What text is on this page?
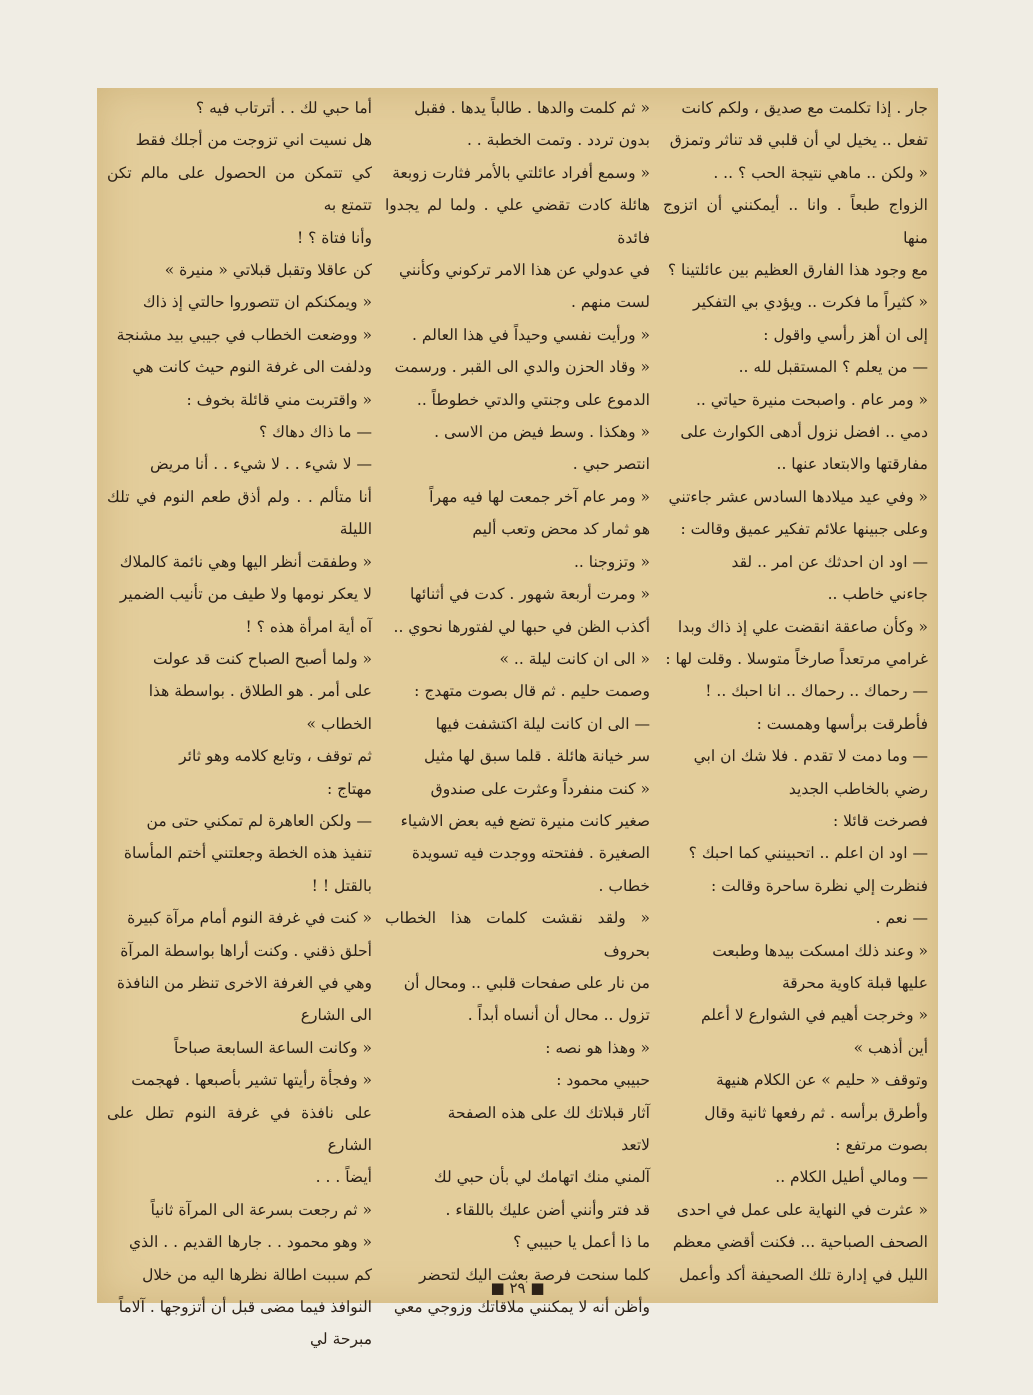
جار . إذا تكلمت مع صديق ، ولكم كانت

تفعل .. يخيل لي أن قلبي قد تناثر وتمزق

« ولكن .. ماهي نتيجة الحب ؟ .. .

الزواج طبعاً . وانا .. أيمكنني أن اتزوج منها

مع وجود هذا الفارق العظيم بين عائلتينا ؟

« كثيراً ما فكرت .. ويؤدي بي التفكير

إلى ان أهز رأسي واقول :

— من يعلم ؟ المستقبل لله ..

« ومر عام . واصبحت منيرة حياتي ..

دمي .. افضل نزول أدهى الكوارث على

مفارقتها والابتعاد عنها ..

« وفي عيد ميلادها السادس عشر جاءتني

وعلى جبينها علائم تفكير عميق وقالت :

— اود ان احدثك عن امر .. لقد

جاءني خاطب ..

« وكأن صاعقة انقضت علي إذ ذاك وبدا

غرامي مرتعداً صارخاً متوسلا . وقلت لها :

— رحماك .. رحماك .. انا احبك .. !

فأطرقت برأسها وهمست :

— وما دمت لا تقدم . فلا شك ان ابي

رضي بالخاطب الجديد

فصرخت قائلا :

— اود ان اعلم .. اتحبينني كما احبك ؟

فنظرت إلي نظرة ساحرة وقالت :

— نعم .

« وعند ذلك امسكت بيدها وطبعت

عليها قبلة كاوية محرقة

« وخرجت أهيم في الشوارع لا أعلم

أين أذهب »

وتوقف « حليم » عن الكلام هنيهة

وأطرق برأسه . ثم رفعها ثانية وقال

بصوت مرتفع :

— ومالي أطيل الكلام ..

« عثرت في النهاية على عمل في احدى

الصحف الصباحية ... فكنت أقضي معظم

الليل في إدارة تلك الصحيفة أكد وأعمل

« ثم كلمت والدها . طالباً يدها . فقبل

بدون تردد . وتمت الخطبة . .

« وسمع أفراد عائلتي بالأمر فثارت زوبعة

هائلة كادت تقضي علي . ولما لم يجدوا فائدة

في عدولي عن هذا الامر تركوني وكأنني

لست منهم .

« ورأيت نفسي وحيداً في هذا العالم .

« وقاد الحزن والدي الى القبر . ورسمت

الدموع على وجنتي والدتي خطوطاً ..

« وهكذا . وسط فيض من الاسى .

انتصر حبي .

« ومر عام آخر جمعت لها فيه مهراً

هو ثمار كد محض وتعب أليم

« وتزوجنا ..

« ومرت أربعة شهور . كدت في أثنائها

أكذب الظن في حبها لي لفتورها نحوي ..

« الى ان كانت ليلة .. »

وصمت حليم . ثم قال بصوت متهدج :

— الى ان كانت ليلة اكتشفت فيها

سر خيانة هائلة . قلما سبق لها مثيل

« كنت منفرداً وعثرت على صندوق

صغير كانت منيرة تضع فيه بعض الاشياء

الصغيرة . ففتحته ووجدت فيه تسويدة

خطاب .

« ولقد نقشت كلمات هذا الخطاب بحروف

من نار على صفحات قلبي .. ومحال أن

تزول .. محال أن أنساه أبداً .

« وهذا هو نصه :

حبيبي محمود :

آثار قبلاتك لك على هذه الصفحة

لاتعد

آلمني منك اتهامك لي بأن حبي لك

قد فتر وأنني أضن عليك باللقاء .

ما ذا أعمل يا حبيبي ؟

كلما سنحت فرصة بعثت اليك لتحضر

وأظن أنه لا يمكنني ملاقاتك وزوجي معي

أما حبي لك . . أترتاب فيه ؟

هل نسيت اني تزوجت من أجلك فقط

كي تتمكن من الحصول على مالم تكن تتمتع به

وأنا فتاة ؟ !

كن عاقلا وتقبل قبلاتي « منيرة »

« ويمكنكم ان تتصوروا حالتي إذ ذاك

« ووضعت الخطاب في جيبي بيد مشنجة

ودلفت الى غرفة النوم حيث كانت هي

« واقتربت مني قائلة بخوف :

— ما ذاك دهاك ؟

— لا شيء . . لا شيء . . أنا مريض

أنا متألم . . ولم أذق طعم النوم في تلك الليلة

« وطفقت أنظر اليها وهي نائمة كالملاك

لا يعكر نومها ولا طيف من تأنيب الضمير

آه أية امرأة هذه ؟ !

« ولما أصبح الصباح كنت قد عولت

على أمر . هو الطلاق . بواسطة هذا

الخطاب »

ثم توقف ، وتابع كلامه وهو ثائر

مهتاج :

— ولكن العاهرة لم تمكني حتى من

تنفيذ هذه الخطة وجعلتني أختم المأساة

بالقتل ! !

« كنت في غرفة النوم أمام مرآة كبيرة

أحلق ذقني . وكنت أراها بواسطة المرآة

وهي في الغرفة الاخرى تنظر من النافذة

الى الشارع

« وكانت الساعة السابعة صباحاً

« وفجأة رأيتها تشير بأصبعها . فهجمت

على نافذة في غرفة النوم تطل على الشارع

أيضاً . . .

« ثم رجعت بسرعة الى المرآة ثانياً

« وهو محمود . . جارها القديم . . الذي

كم سببت اطالة نظرها اليه من خلال

النوافذ فيما مضى قبل أن أتزوجها . آلاماً

مبرحة لي

■ ٢٩ ■
